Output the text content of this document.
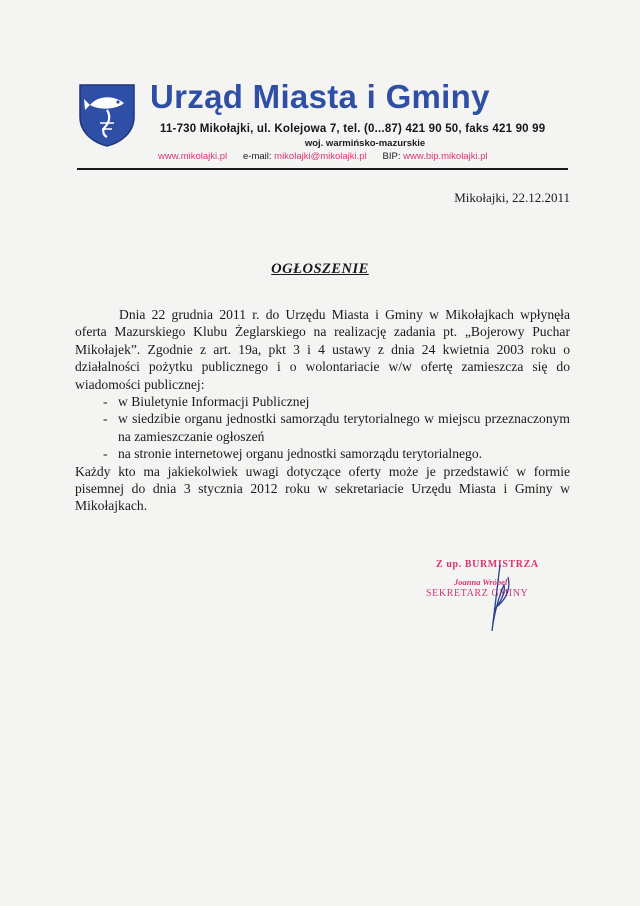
Urząd Miasta i Gminy
11-730 Mikołajki, ul. Kolejowa 7, tel. (0...87) 421 90 50, faks 421 90 99
woj. warmińsko-mazurskie
www.mikolajki.pl e-mail: mikolajki@mikolajki.pl BIP: www.bip.mikolajki.pl
Mikołajki, 22.12.2011
OGŁOSZENIE

Dnia 22 grudnia 2011 r. do Urzędu Miasta i Gminy w Mikołajkach wpłynęła oferta Mazurskiego Klubu Żeglarskiego na realizację zadania pt. „Bojerowy Puchar Mikołajek”. Zgodnie z art. 19a, pkt 3 i 4 ustawy z dnia 24 kwietnia 2003 roku o działalności pożytku publicznego i o wolontariacie w/w ofertę zamieszcza się do wiadomości publicznej:

- w Biuletynie Informacji Publicznej
- w siedzibie organu jednostki samorządu terytorialnego w miejscu przeznaczonym na zamieszczanie ogłoszeń
- na stronie internetowej organu jednostki samorządu terytorialnego.

Każdy kto ma jakiekolwiek uwagi dotyczące oferty może je przedstawić w formie pisemnej do dnia 3 stycznia 2012 roku w sekretariacie Urzędu Miasta i Gminy w Mikołajkach.

Z up. BURMISTRZA
Joanna Wróbel
SEKRETARZ GMINY
